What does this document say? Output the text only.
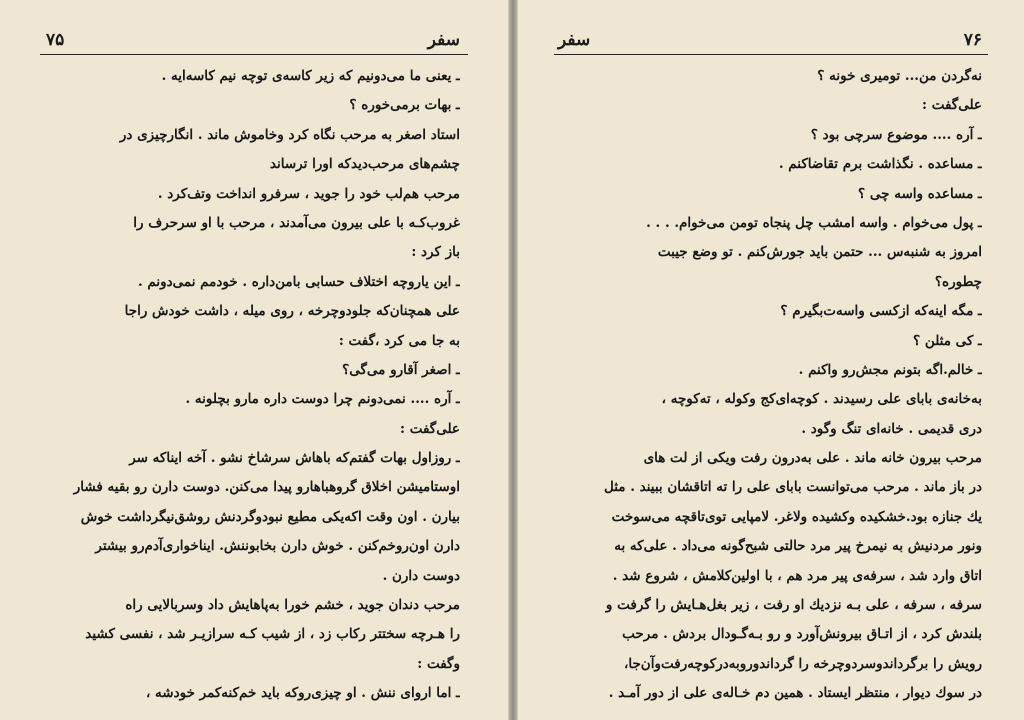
سفر
۷۵
ـ یعنی ما می‌دونیم که زیر کاسه‌ی توچه نیم کاسه‌ایه .
ـ بهات برمی‌خوره ؟
استاد اصغر به مرحب نگاه کرد وخاموش ماند . انگارچیزی در
چشم‌های مرحب‌دیدکه اورا ترساند
مرحب هم‌لب خود را جوید ، سرفرو انداخت وتف‌کرد .
غروب‌کـه با علی بیرون می‌آمدند ، مرحب با او سرحرف را
باز کرد :
ـ این یاروچه اختلاف حسابی بامن‌داره . خودمم نمی‌دونم .
علی همچنان‌که جلودوچرخه ، روی میله ، داشت خودش راجا
به جا می کرد ،گفت :
ـ اصغر آقارو می‌گی؟
ـ آره .... نمی‌دونم چرا دوست داره مارو بچلونه .
علی‌گفت :
ـ روزاول بهات گفتم‌که باهاش سرشاخ نشو . آخه اینا‌که سر
اوستامیشن اخلاق گروهباهارو پیدا می‌کنن. دوست دارن رو بقیه فشار
بیارن . اون وقت اکه‌یکی مطیع نبودوگردنش روشق‌نیگرداشت خوش
دارن اون‌روخم‌کنن . خوش دارن بخابوننش. اینا‌خواری‌آدم‌رو بیشتر
دوست دارن .
مرحب دندان جوید ، خشم خورا به‌پاهایش داد وسربالایی راه
را هـرچه سختتر رکاب زد ، از شیب کـه سرازیـر شد ، نفسی کشید
وگفت :
ـ اما اروای ننش . او چیزی‌روکه باید خم‌کنه‌کمر خودشه ،
۷۶
سفر
نه‌گردن من... تومیری خونه ؟
علی‌گفت :
ـ آره .... موضوع سرچی بود ؟
ـ مساعده . نگذاشت برم تقاضاکنم .
ـ مساعده واسه چی ؟
ـ پول می‌خوام . واسه امشب چل پنجاه تومن می‌خوام. . . .
امروز به شنبه‌س ... حتمن باید جورش‌کنم . تو وضع جیبت
چطوره؟
ـ مگه اینه‌که ازکسی واسه‌ت‌بگیرم ؟
ـ کی مثلن ؟
ـ خالم.اگه بتونم مجش‌رو واکنم .
به‌خانه‌ی بابای علی رسیدند . کوچه‌ای‌کج وکوله ، ته‌کوچه ،
دری قدیمی . خانه‌ای تنگ وگود .
مرحب بیرون خانه ماند . علی به‌درون رفت ویکی از لت های
در باز ماند . مرحب می‌توانست بابای علی را ته اتاقشان ببیند . مثل
یك جنازه بود.خشکیده وکشیده ولاغر. لامپایی توی‌تاقچه می‌سوخت
ونور مردنیش به نیمرخ پیر مرد حالتی شبح‌گونه می‌داد . علی‌که به
اتاق وارد شد ، سرفه‌ی پیر مرد هم ، با اولین‌کلامش ، شروع شد .
سرفه ، سرفه ، علی بـه نزدیك او رفت ، زیر بغل‌هـایش را گرفت و
بلندش کرد ، از اتـاق بیرونش‌آورد و رو بـه‌گـودال بردش . مرحب
رویش را برگرداندوسردوچرخه را گرداندوروبه‌درکوچه‌رفت‌وآن‌جا،
در سوك دیوار ، منتظر ایستاد . همین دم خـاله‌ی علی از دور آمـد .
